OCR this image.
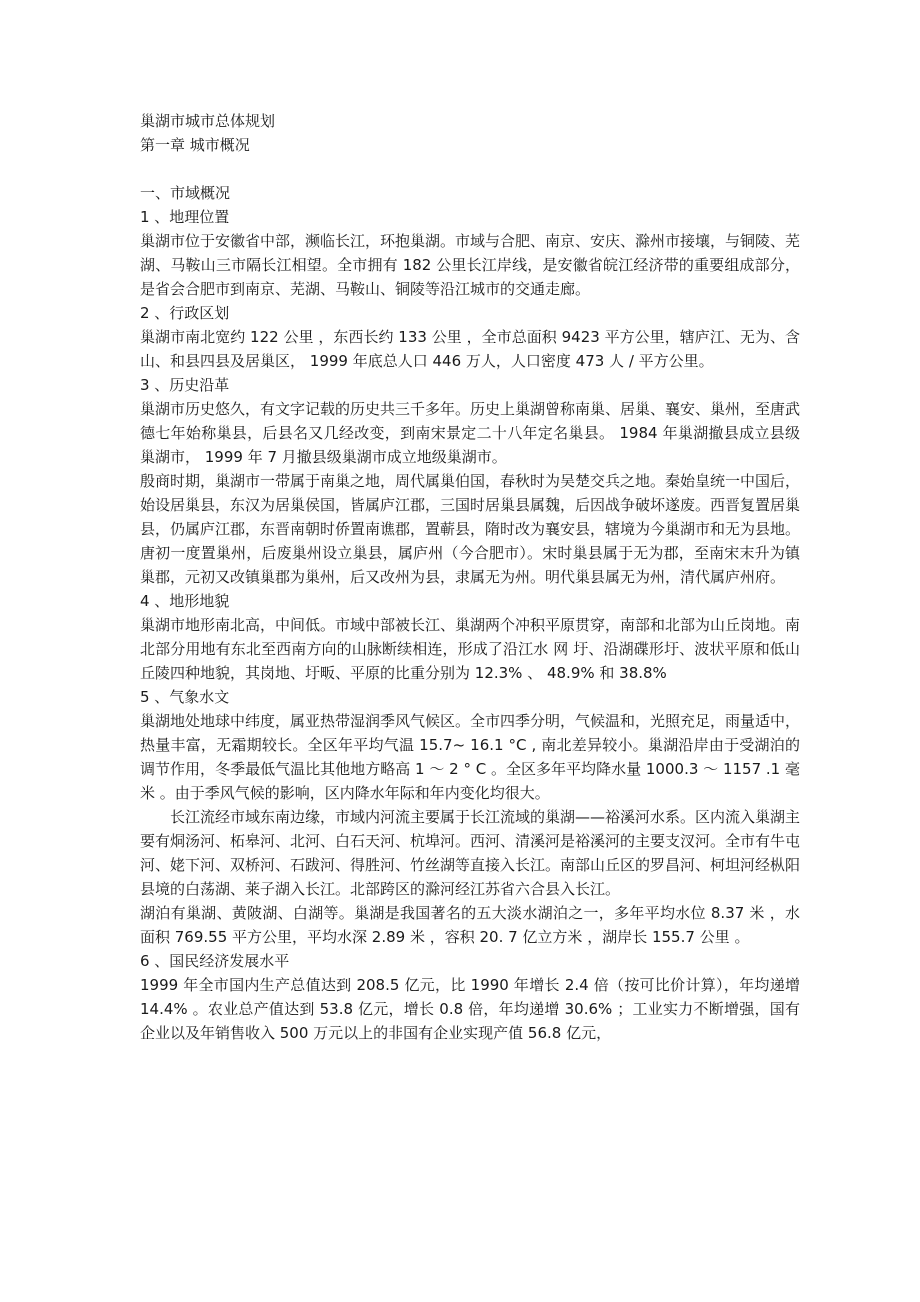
巢湖市城市总体规划
第一章 城市概况
一、市域概况
1 、地理位置

巢湖市位于安徽省中部，濒临长江，环抱巢湖。市域与合肥、南京、安庆、滁州市接壤，与铜陵、芜湖、马鞍山三市隔长江相望。全市拥有 182 公里长江岸线，是安徽省皖江经济带的重要组成部分，是省会合肥市到南京、芜湖、马鞍山、铜陵等沿江城市的交通走廊。

2 、行政区划

巢湖市南北宽约 122 公里 ，东西长约 133 公里 ，全市总面积 9423 平方公里，辖庐江、无为、含山、和县四县及居巢区， 1999 年底总人口 446 万人，人口密度 473 人 / 平方公里。

3 、历史沿革

巢湖市历史悠久，有文字记载的历史共三千多年。历史上巢湖曾称南巢、居巢、襄安、巢州，至唐武德七年始称巢县，后县名又几经改变，到南宋景定二十八年定名巢县。 1984 年巢湖撤县成立县级巢湖市， 1999 年 7 月撤县级巢湖市成立地级巢湖市。

殷商时期，巢湖市一带属于南巢之地，周代属巢伯国，春秋时为吴楚交兵之地。秦始皇统一中国后，始设居巢县，东汉为居巢侯国，皆属庐江郡，三国时居巢县属魏，后因战争破坏遂废。西晋复置居巢县，仍属庐江郡，东晋南朝时侨置南谯郡，置蕲县，隋时改为襄安县，辖境为今巢湖市和无为县地。唐初一度置巢州，后废巢州设立巢县，属庐州（今合肥市）。宋时巢县属于无为郡，至南宋末升为镇巢郡，元初又改镇巢郡为巢州，后又改州为县，隶属无为州。明代巢县属无为州，清代属庐州府。

4 、地形地貌

巢湖市地形南北高，中间低。市域中部被长江、巢湖两个冲积平原贯穿，南部和北部为山丘岗地。南北部分用地有东北至西南方向的山脉断续相连，形成了沿江水 网 圩、沿湖碟形圩、波状平原和低山丘陵四种地貌，其岗地、圩畈、平原的比重分别为 12.3% 、 48.9% 和 38.8%

5 、气象水文

巢湖地处地球中纬度，属亚热带湿润季风气候区。全市四季分明，气候温和，光照充足，雨量适中，热量丰富，无霜期较长。全区年平均气温 15.7~ 16.1 °C , 南北差异较小。巢湖沿岸由于受湖泊的调节作用，冬季最低气温比其他地方略高 1 ～ 2 ° C 。全区多年平均降水量 1000.3 ～ 1157 .1 毫米 。由于季风气候的影响，区内降水年际和年内变化均很大。

长江流经市域东南边缘，市域内河流主要属于长江流域的巢湖——裕溪河水系。区内流入巢湖主要有烔汤河、柘皋河、北河、白石天河、杭埠河。西河、清溪河是裕溪河的主要支汊河。全市有牛屯河、姥下河、双桥河、石跋河、得胜河、竹丝湖等直接入长江。南部山丘区的罗昌河、柯坦河经枞阳县境的白荡湖、莱子湖入长江。北部跨区的滁河经江苏省六合县入长江。

湖泊有巢湖、黄陂湖、白湖等。巢湖是我国著名的五大淡水湖泊之一，多年平均水位 8.37 米 ，水面积 769.55 平方公里，平均水深 2.89 米 ，容积 20. 7 亿立方米 ，湖岸长 155.7 公里 。

6 、国民经济发展水平

1999 年全市国内生产总值达到 208.5 亿元，比 1990 年增长 2.4 倍（按可比价计算），年均递增 14.4% 。农业总产值达到 53.8 亿元，增长 0.8 倍，年均递增 30.6% ；工业实力不断增强，国有企业以及年销售收入 500 万元以上的非国有企业实现产值 56.8 亿元，
